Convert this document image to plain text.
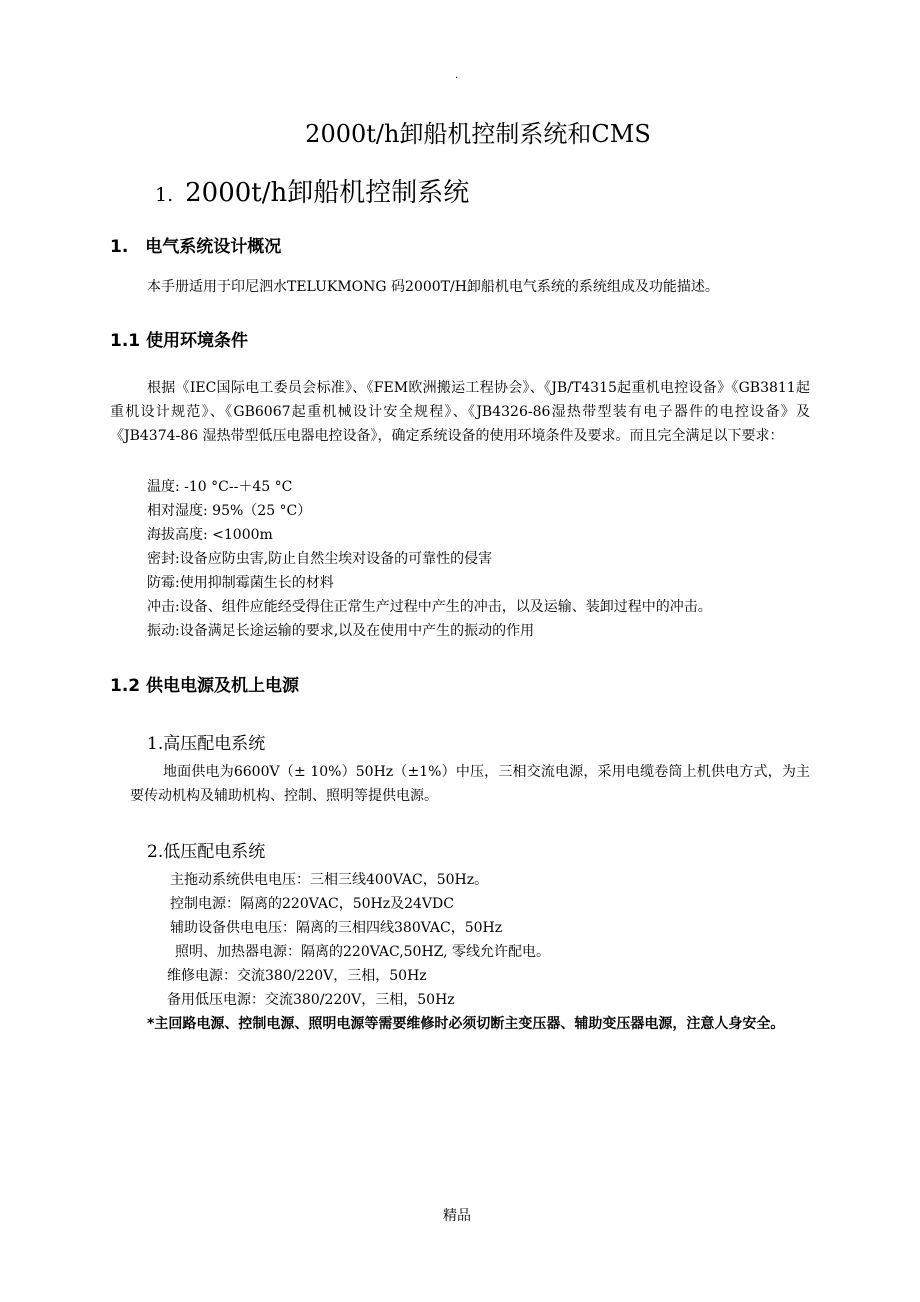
.
2000t/h卸船机控制系统和CMS
1. 2000t/h卸船机控制系统
1.　电气系统设计概况
本手册适用于印尼泗水TELUKMONG 码2000T/H卸船机电气系统的系统组成及功能描述。
1.1 使用环境条件
根据《IEC国际电工委员会标准》、《FEM欧洲搬运工程协会》、《JB/T4315起重机电控设备》《GB3811起重机设计规范》、《GB6067起重机械设计安全规程》、《JB4326-86湿热带型装有电子器件的电控设备》及《JB4374-86 湿热带型低压电器电控设备》，确定系统设备的使用环境条件及要求。而且完全满足以下要求：
温度: -10 °C--＋45 °C
相对湿度: 95%（25 °C）
海拔高度: <1000m
密封:设备应防虫害,防止自然尘埃对设备的可靠性的侵害
防霉:使用抑制霉菌生长的材料
冲击:设备、组件应能经受得住正常生产过程中产生的冲击，以及运输、装卸过程中的冲击。
振动:设备满足长途运输的要求,以及在使用中产生的振动的作用
1.2 供电电源及机上电源
1.高压配电系统
地面供电为6600V（± 10%）50Hz（±1%）中压，三相交流电源，采用电缆卷筒上机供电方式，为主要传动机构及辅助机构、控制、照明等提供电源。
2.低压配电系统
主拖动系统供电电压：三相三线400VAC，50Hz。
控制电源：隔离的220VAC，50Hz及24VDC
辅助设备供电电压：隔离的三相四线380VAC，50Hz
照明、加热器电源：隔离的220VAC,50HZ, 零线允许配电。
维修电源：交流380/220V，三相，50Hz
备用低压电源：交流380/220V，三相，50Hz
*主回路电源、控制电源、照明电源等需要维修时必须切断主变压器、辅助变压器电源，注意人身安全。
精品
